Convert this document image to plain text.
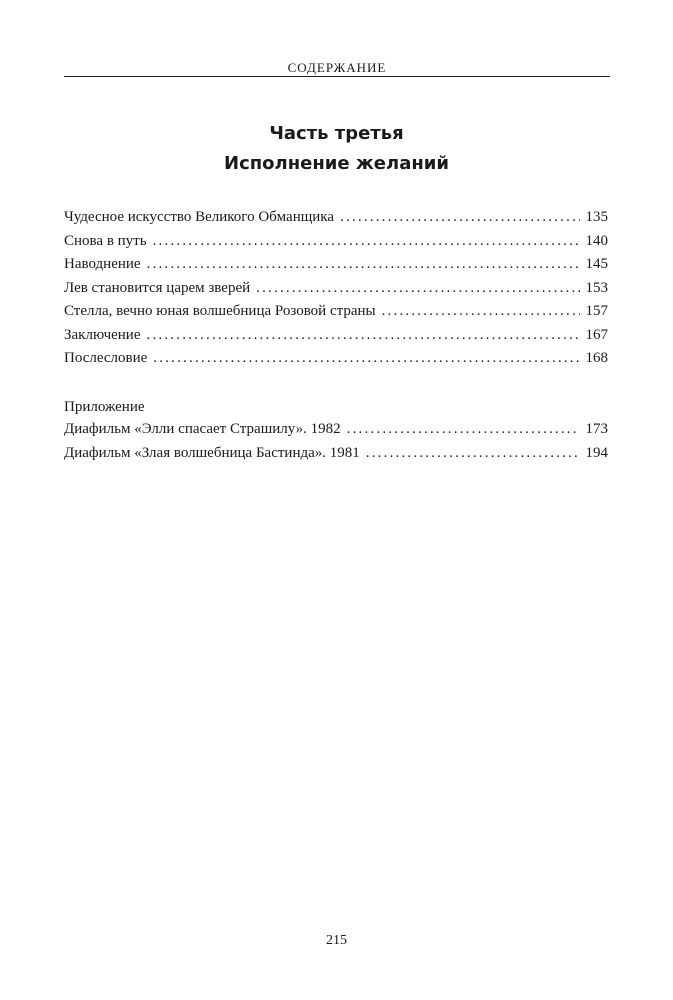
СОДЕРЖАНИЕ
Часть третья
Исполнение желаний
Чудесное искусство Великого Обманщика .....	135
Снова в путь .....	140
Наводнение .....	145
Лев становится царем зверей .....	153
Стелла, вечно юная волшебница Розовой страны .....	157
Заключение .....	167
Послесловие .....	168
Приложение
Диафильм «Элли спасает Страшилу». 1982 .....	173
Диафильм «Злая волшебница Бастинда». 1981 .....	194
215
